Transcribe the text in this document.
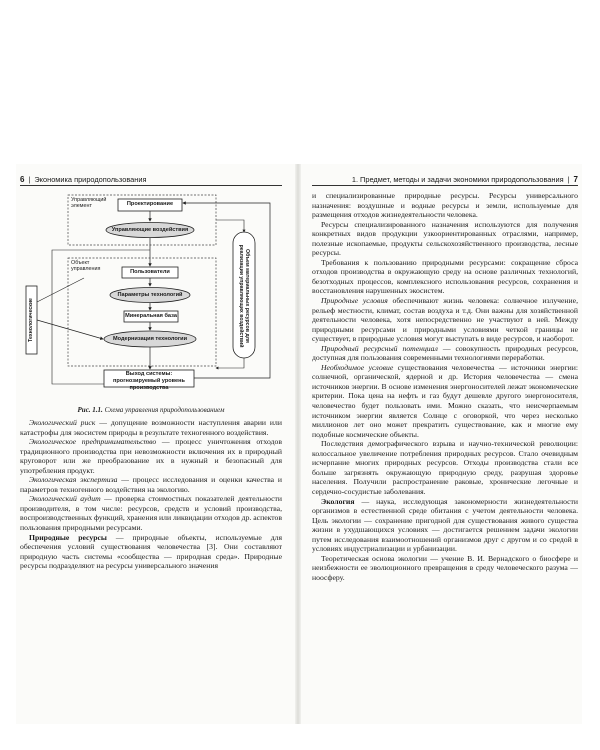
6 | Экономика природопользования
Управляющий элемент
Объект управления
Проектирование
Управляющие воздействия
Пользователи
Параметры технологий
Минеральная база
Модернизация технологии
Выход системы: прогнозируемый уровень производства
Технологические	Объем материальных ресурсов для реализации управляющих воздействий
Рис. 1.1. Схема управления природопользованием

Экологический риск — допущение возможности наступления аварии или катастрофы для экосистем природы в результате техногенного воздействия.

Экологическое предпринимательство — процесс уничтожения отходов традиционного производства при невозможности включения их в природный круговорот или же преобразование их в нужный и безопасный для употребления продукт.

Экологическая экспертиза — процесс исследования и оценки качества и параметров техногенного воздействия на экологию.

Экологический аудит — проверка стоимостных показателей деятельности производителя, в том числе: ресурсов, средств и условий производства, воспроизводственных функций, хранения или ликвидации отходов др. аспектов пользования природными ресурсами.

Природные ресурсы — природные объекты, используемые для обеспечения условий существования человечества [3]. Они составляют природную часть системы «сообщества — природная среда». Природные ресурсы подразделяют на ресурсы универсального значения

1. Предмет, методы и задачи экономики природопользования | 7

и специализированные природные ресурсы. Ресурсы универсального назначения: воздушные и водные ресурсы и земли, используемые для размещения отходов жизнедеятельности человека.

Ресурсы специализированного назначения используются для получения конкретных видов продукции узкоориентированных отраслями, например, полезные ископаемые, продукты сельскохозяйственного производства, лесные ресурсы.

Требования к пользованию природными ресурсами: сокращение сброса отходов производства в окружающую среду на основе различных технологий, безотходных процессов, комплексного использования ресурсов, сохранения и восстановления нарушенных экосистем.

Природные условия обеспечивают жизнь человека: солнечное излучение, рельеф местности, климат, состав воздуха и т.д. Они важны для хозяйственной деятельности человека, хотя непосредственно не участвуют в ней. Между природными ресурсами и природными условиями четкой границы не существует, в природные условия могут выступать в виде ресурсов, и наоборот.

Природный ресурсный потенциал — совокупность природных ресурсов, доступная для пользования современными технологиями переработки.

Необходимое условие существования человечества — источники энергии: солнечной, органической, ядерной и др. История человечества — смена источников энергии. В основе изменения энергоносителей лежат экономические критерии. Пока цена на нефть и газ будут дешевле другого энергоносителя, человечество будет пользовать ими. Можно сказать, что неисчерпаемым источником энергии является Солнце с оговоркой, что через несколько миллионов лет оно может прекратить существование, как и многие ему подобные космические объекты.

Последствия демографического взрыва и научно-технической революции: колоссальное увеличение потребления природных ресурсов. Стало очевидным исчерпание многих природных ресурсов. Отходы производства стали все больше загрязнять окружающую природную среду, разрушая здоровье населения. Получили распространение раковые, хронические легочные и сердечно-сосудистые заболевания.

Экология — наука, исследующая закономерности жизнедеятельности организмов в естественной среде обитания с учетом деятельности человека. Цель экологии — сохранение пригодной для существования живого существа жизни в ухудшающихся условиях — достигается решением задачи экологии путем исследования взаимоотношений организмов друг с другом и со средой в условиях индустриализации и урбанизации.

Теоретическая основа экологии — учение В. И. Вернадского о биосфере и неизбежности ее эволюционного превращения в среду человеческого разума — ноосферу.
